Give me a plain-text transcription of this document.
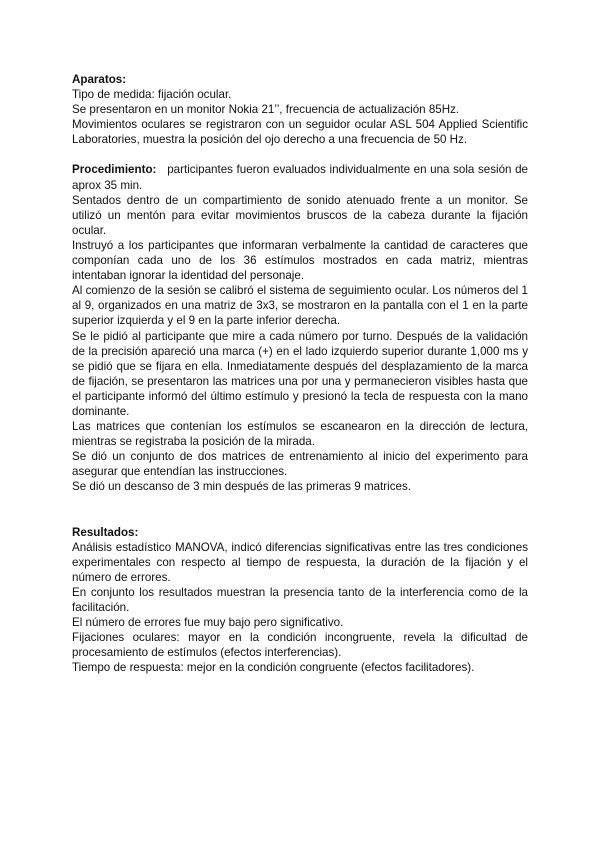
Aparatos:

Tipo de medida: fijación ocular.

Se presentaron en un monitor Nokia 21’’, frecuencia de actualización 85Hz.

Movimientos oculares se registraron con un seguidor ocular ASL 504 Applied Scientific Laboratories, muestra la posición del ojo derecho a una frecuencia de 50 Hz.

Procedimiento: participantes fueron evaluados individualmente en una sola sesión de aprox 35 min.

Sentados dentro de un compartimiento de sonido atenuado frente a un monitor. Se utilizó un mentón para evitar movimientos bruscos de la cabeza durante la fijación ocular.

Instruyó a los participantes que informaran verbalmente la cantidad de caracteres que componían cada uno de los 36 estímulos mostrados en cada matriz, mientras intentaban ignorar la identidad del personaje.

Al comienzo de la sesión se calibró el sistema de seguimiento ocular. Los números del 1 al 9, organizados en una matriz de 3x3, se mostraron en la pantalla con el 1 en la parte superior izquierda y el 9 en la parte inferior derecha.

Se le pidió al participante que mire a cada número por turno. Después de la validación de la precisión apareció una marca (+) en el lado izquierdo superior durante 1,000 ms y se pidió que se fijara en ella. Inmediatamente después del desplazamiento de la marca de fijación, se presentaron las matrices una por una y permanecieron visibles hasta que el participante informó del último estímulo y presionó la tecla de respuesta con la mano dominante.

Las matrices que contenían los estímulos se escanearon en la dirección de lectura, mientras se registraba la posición de la mirada.

Se dió un conjunto de dos matrices de entrenamiento al inicio del experimento para asegurar que entendían las instrucciones.

Se dió un descanso de 3 min después de las primeras 9 matrices.

Resultados:

Análisis estadístico MANOVA, indicó diferencias significativas entre las tres condiciones experimentales con respecto al tiempo de respuesta, la duración de la fijación y el número de errores.

En conjunto los resultados muestran la presencia tanto de la interferencia como de la facilitación.

El número de errores fue muy bajo pero significativo.

Fijaciones oculares: mayor en la condición incongruente, revela la dificultad de procesamiento de estímulos (efectos interferencias).

Tiempo de respuesta: mejor en la condición congruente (efectos facilitadores).
